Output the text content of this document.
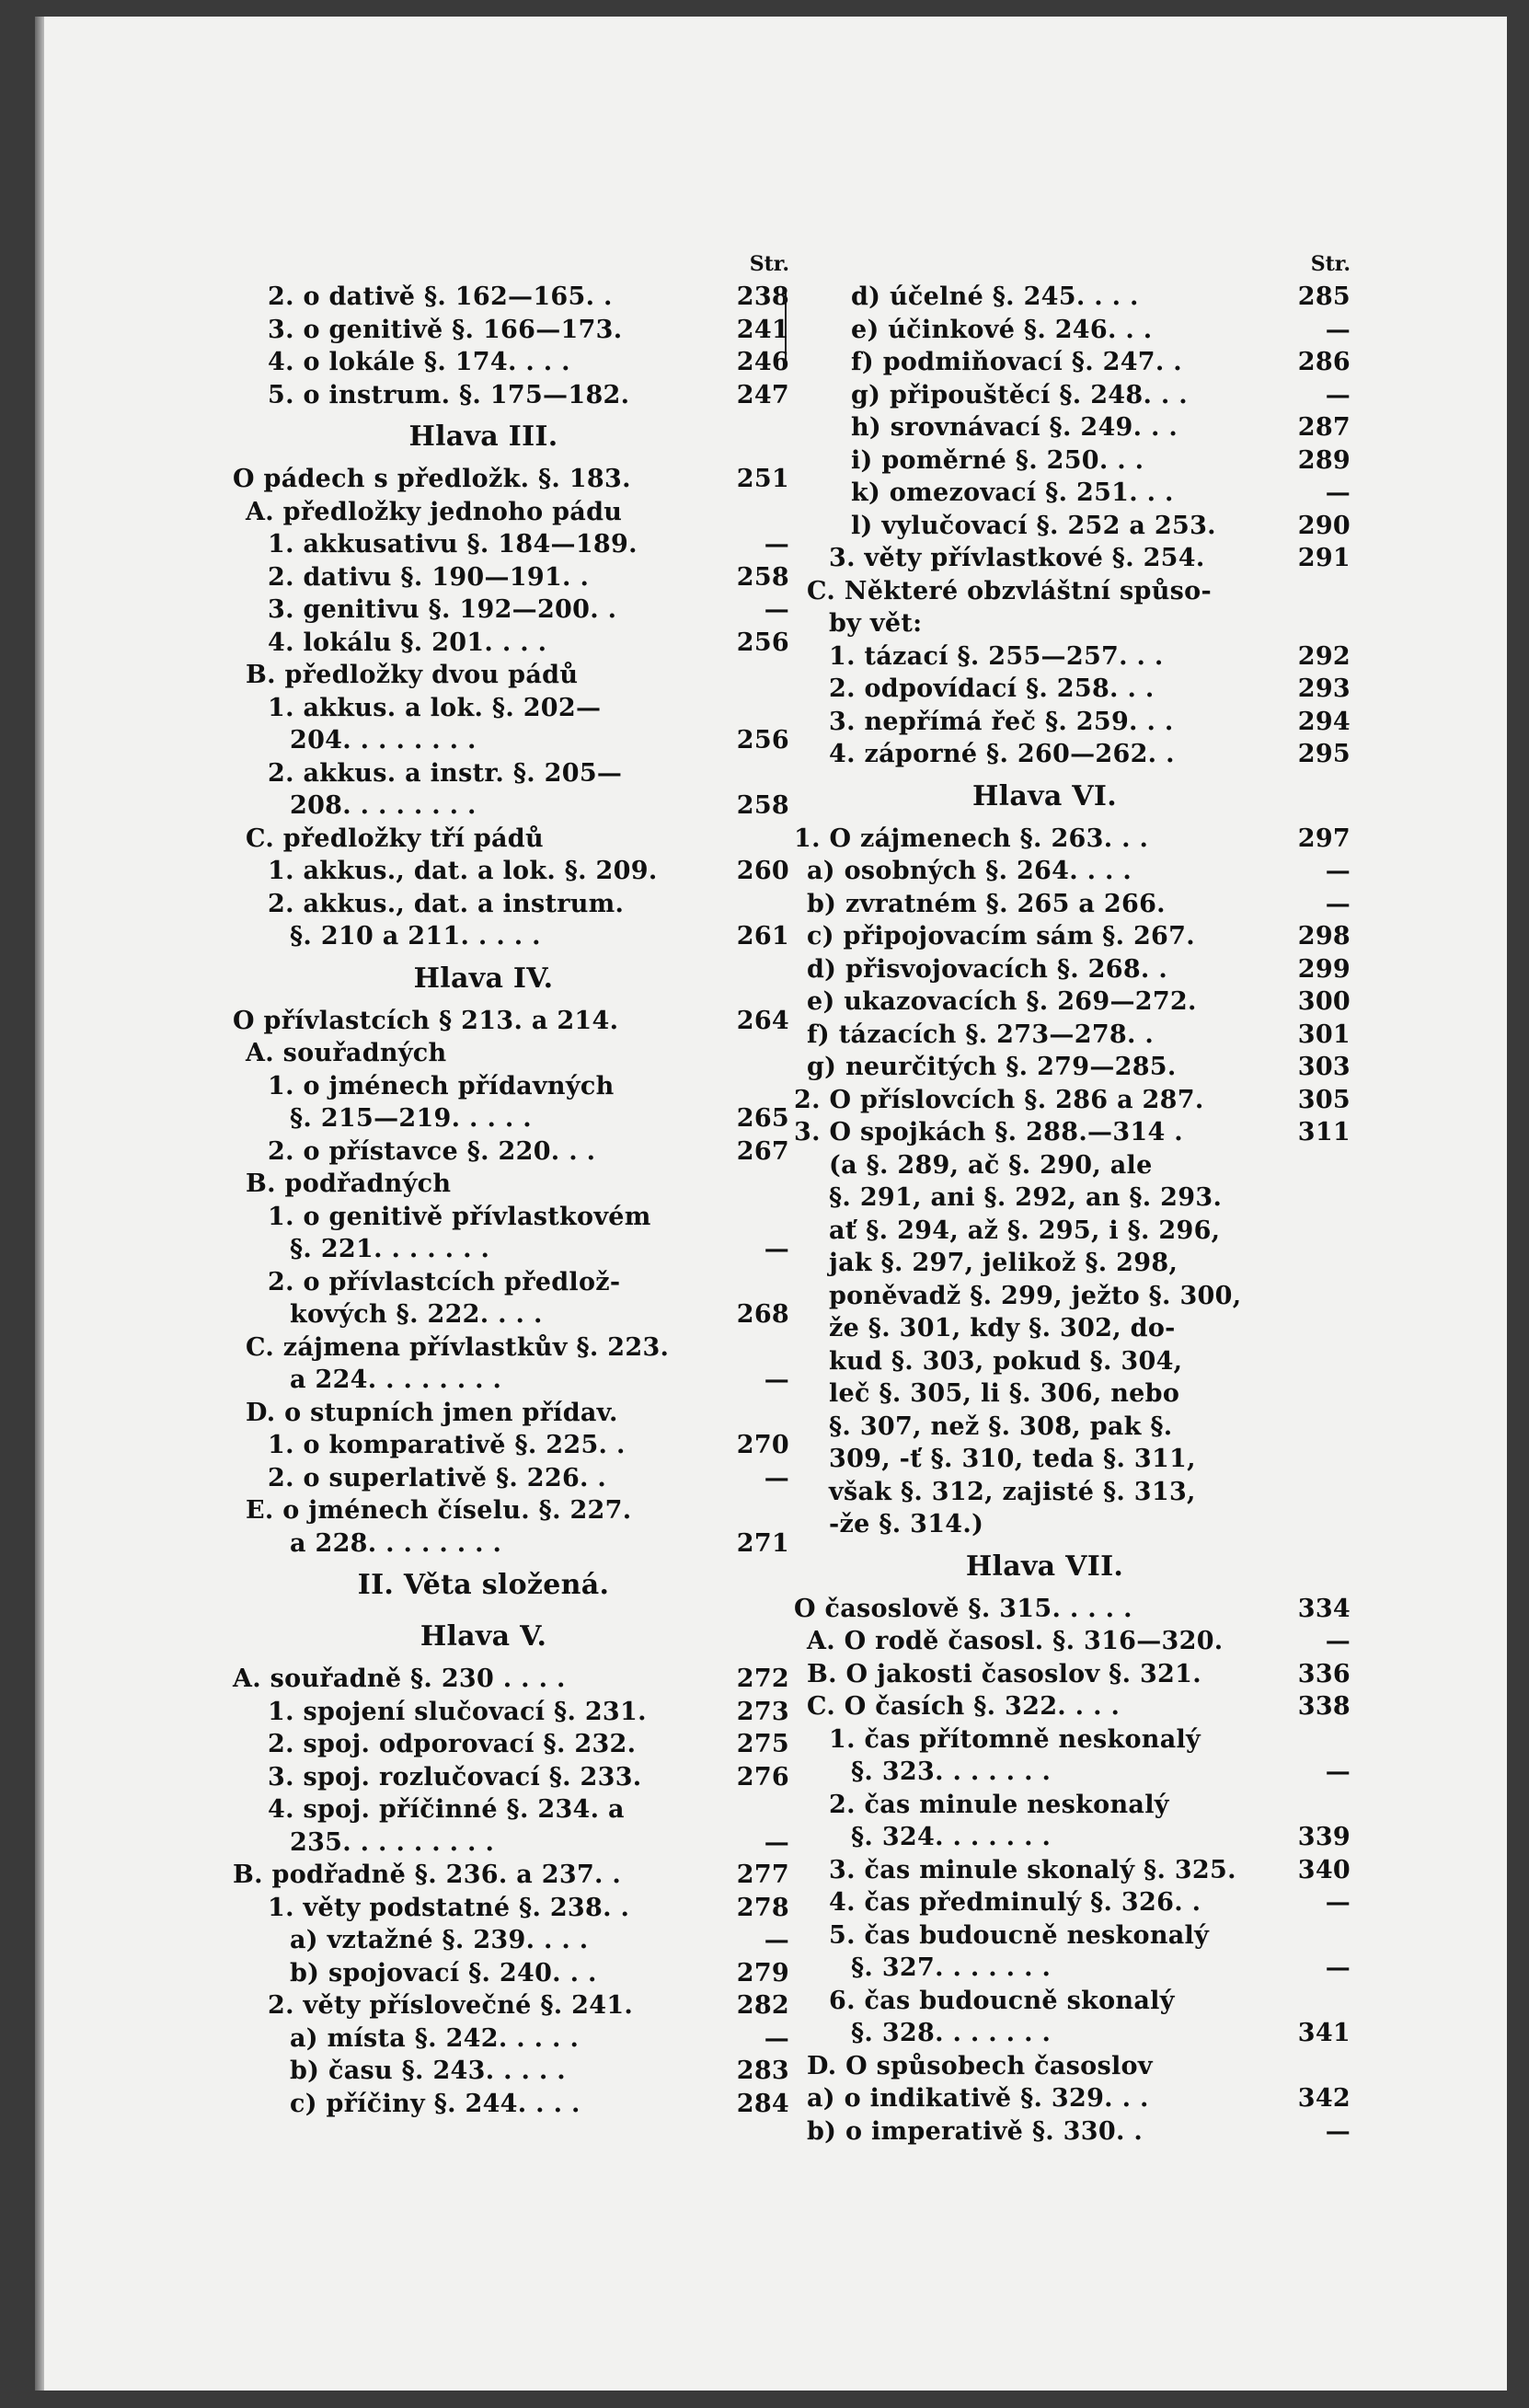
Str.
2. o dativě §. 162—165. .	238
3. o genitivě §. 166—173.	241
4. o lokále §. 174. . . .	246
5. o instrum. §. 175—182.	247
Hlava III.
O pádech s předložk. §. 183.	251
A. předložky jednoho pádu
1. akkusativu §. 184—189.	—
2. dativu §. 190—191. .	258
3. genitivu §. 192—200. .	—
4. lokálu §. 201. . . .	256
B. předložky dvou pádů
1. akkus. a lok. §. 202—
204. . . . . . . .	256
2. akkus. a instr. §. 205—
208. . . . . . . .	258
C. předložky tří pádů
1. akkus., dat. a lok. §. 209.	260
2. akkus., dat. a instrum.
§. 210 a 211. . . . .	261
Hlava IV.
O přívlastcích § 213. a 214.	264
A. souřadných
1. o jménech přídavných
§. 215—219. . . . .	265
2. o přístavce §. 220. . .	267
B. podřadných
1. o genitivě přívlastkovém
§. 221. . . . . . .	—
2. o přívlastcích předlož-
kových §. 222. . . .	268
C. zájmena přívlastkův §. 223.
a 224. . . . . . . .	—
D. o stupních jmen přídav.
1. o komparativě §. 225. .	270
2. o superlativě §. 226. .	—
E. o jménech číselu. §. 227.
a 228. . . . . . . .	271
II. Věta složená.
Hlava V.
A. souřadně §. 230 . . . .	272
1. spojení slučovací §. 231.	273
2. spoj. odporovací §. 232.	275
3. spoj. rozlučovací §. 233.	276
4. spoj. příčinné §. 234. a
235. . . . . . . . .	—
B. podřadně §. 236. a 237. .	277
1. věty podstatné §. 238. .	278
a) vztažné §. 239. . . .	—
b) spojovací §. 240. . .	279
2. věty příslovečné §. 241.	282
a) místa §. 242. . . . .	—
b) času §. 243. . . . .	283
c) příčiny §. 244. . . .	284
Str.
d) účelné §. 245. . . .	285
e) účinkové §. 246. . .	—
f) podmiňovací §. 247. .	286
g) připouštěcí §. 248. . .	—
h) srovnávací §. 249. . .	287
i) poměrné §. 250. . .	289
k) omezovací §. 251. . .	—
l) vylučovací §. 252 a 253.	290
3. věty přívlastkové §. 254.	291
C. Některé obzvláštní spůso-
by vět:
1. tázací §. 255—257. . .	292
2. odpovídací §. 258. . .	293
3. nepřímá řeč §. 259. . .	294
4. záporné §. 260—262. .	295
Hlava VI.
1. O zájmenech §. 263. . .	297
a) osobných §. 264. . . .	—
b) zvratném §. 265 a 266.	—
c) připojovacím sám §. 267.	298
d) přisvojovacích §. 268. .	299
e) ukazovacích §. 269—272.	300
f) tázacích §. 273—278. .	301
g) neurčitých §. 279—285.	303
2. O příslovcích §. 286 a 287.	305
3. O spojkách §. 288.—314 .	311
(a §. 289, ač §. 290, ale
§. 291, ani §. 292, an §. 293.
ať §. 294, až §. 295, i §. 296,
jak §. 297, jelikož §. 298,
poněvadž §. 299, ježto §. 300,
že §. 301, kdy §. 302, do-
kud §. 303, pokud §. 304,
leč §. 305, li §. 306, nebo
§. 307, než §. 308, pak §.
309, -ť §. 310, teda §. 311,
však §. 312, zajisté §. 313,
-že §. 314.)
Hlava VII.
O časoslově §. 315. . . . .	334
A. O rodě časosl. §. 316—320.	—
B. O jakosti časoslov §. 321.	336
C. O časích §. 322. . . .	338
1. čas přítomně neskonalý
§. 323. . . . . . .	—
2. čas minule neskonalý
§. 324. . . . . . .	339
3. čas minule skonalý §. 325. 340
4. čas předminulý §. 326. .	—
5. čas budoucně neskonalý
§. 327. . . . . . .	—
6. čas budoucně skonalý
§. 328. . . . . . .	341
D. O spůsobech časoslov
a) o indikativě §. 329. . .	342
b) o imperativě §. 330. .	—
